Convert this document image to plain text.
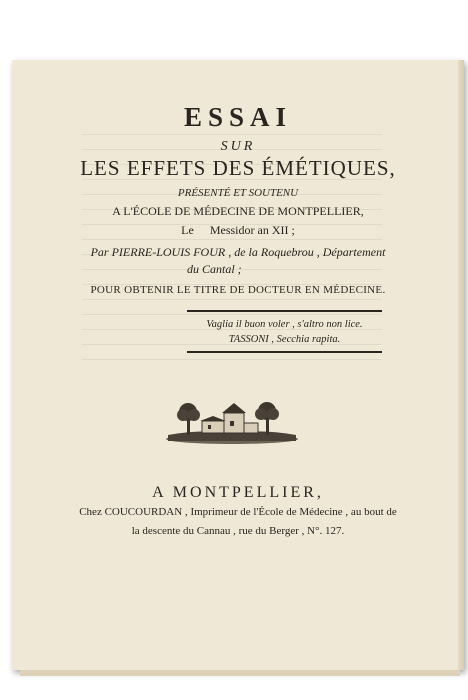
ESSAI
SUR
LES EFFETS DES ÉMÉTIQUES,
PRÉSENTÉ ET SOUTENU
A L'ÉCOLE DE MÉDECINE DE MONTPELLIER,
Le Messidor an XII ;
Par PIERRE-LOUIS FOUR , de la Roquebrou , Département
du Cantal ;
POUR OBTENIR LE TITRE DE DOCTEUR EN MÉDECINE.
Vaglia il buon voler , s'altro non lice.
TASSONI , Secchia rapita.
A MONTPELLIER,
Chez COUCOURDAN , Imprimeur de l'École de Médecine , au bout de
la descente du Cannau , rue du Berger , N°. 127.
